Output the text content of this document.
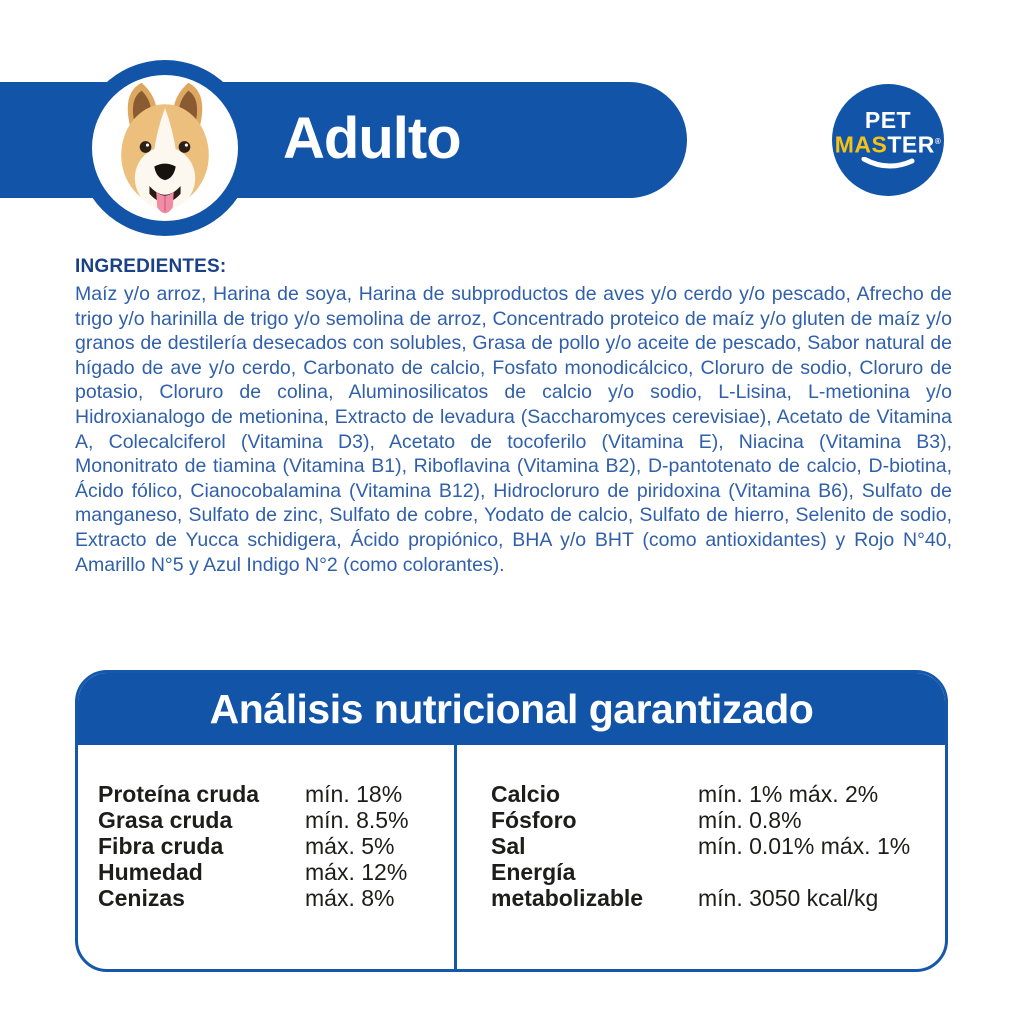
Adulto	PET
MASTER®
INGREDIENTES:

Maíz y/o arroz, Harina de soya, Harina de subproductos de aves y/o cerdo y/o pescado, Afrecho de trigo y/o harinilla de trigo y/o semolina de arroz, Concentrado proteico de maíz y/o gluten de maíz y/o granos de destilería desecados con solubles, Grasa de pollo y/o aceite de pescado, Sabor natural de hígado de ave y/o cerdo, Carbonato de calcio, Fosfato monodicálcico, Cloruro de sodio, Cloruro de potasio, Cloruro de colina, Aluminosilicatos de calcio y/o sodio, L-Lisina, L-metionina y/o Hidroxianalogo de metionina, Extracto de levadura (Saccharomyces cerevisiae), Acetato de Vitamina A, Colecalciferol (Vitamina D3), Acetato de tocoferilo (Vitamina E), Niacina (Vitamina B3), Mononitrato de tiamina (Vitamina B1), Riboflavina (Vitamina B2), D-pantotenato de calcio, D-biotina, Ácido fólico, Cianocobalamina (Vitamina B12), Hidrocloruro de piridoxina (Vitamina B6), Sulfato de manganeso, Sulfato de zinc, Sulfato de cobre, Yodato de calcio, Sulfato de hierro, Selenito de sodio, Extracto de Yucca schidigera, Ácido propiónico, BHA y/o BHT (como antioxidantes) y Rojo N°40, Amarillo N°5 y Azul Indigo N°2 (como colorantes).

Análisis nutricional garantizado
Proteína cruda	mín. 18%
Grasa cruda	mín. 8.5%
Fibra cruda	máx. 5%
Humedad	máx. 12%
Cenizas	máx. 8%
Calcio	mín. 1% máx. 2%
Fósforo	mín. 0.8%
Sal	mín. 0.01% máx. 1%
Energía metabolizable	mín. 3050 kcal/kg
